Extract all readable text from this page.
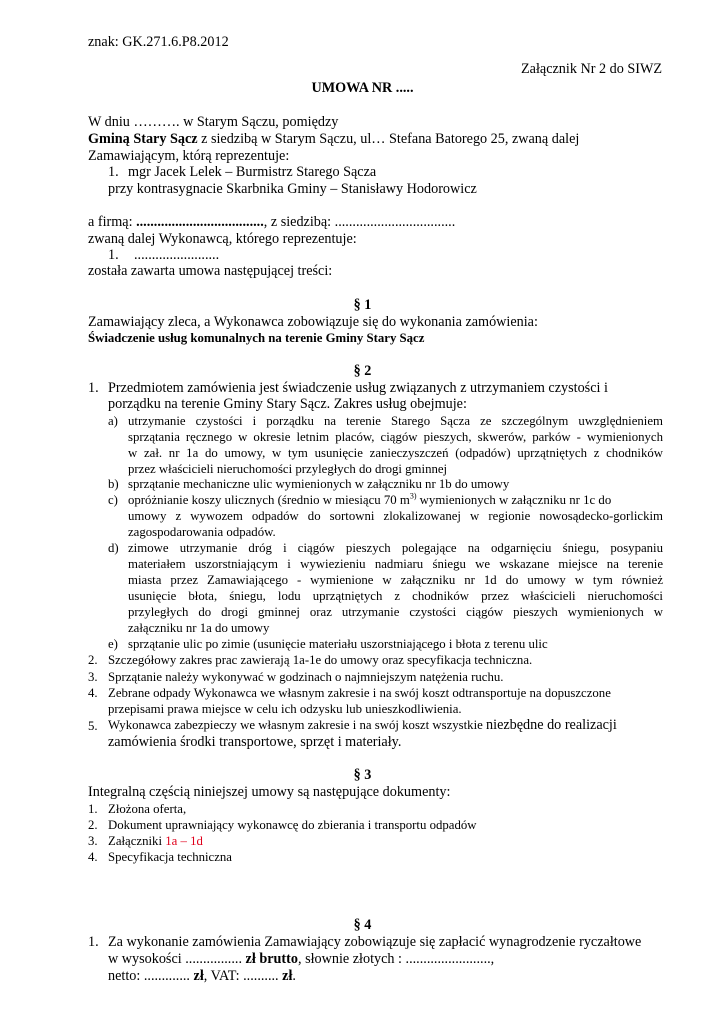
znak: GK.271.6.P8.2012
Załącznik Nr 2 do SIWZ
UMOWA NR .....
W dniu ………. w Starym Sączu, pomiędzy
Gminą Stary Sącz z siedzibą w Starym Sączu, ul… Stefana Batorego 25, zwaną dalej
Zamawiającym, którą reprezentuje:
1. mgr Jacek Lelek – Burmistrz Starego Sącza
przy kontrasygnacie Skarbnika Gminy – Stanisławy Hodorowicz
a firmą: ...................................., z siedzibą: ..................................
zwaną dalej Wykonawcą, którego reprezentuje:
1. ........................
została zawarta umowa następującej treści:
§ 1
Zamawiający zleca, a Wykonawca zobowiązuje się do wykonania zamówienia:
Świadczenie usług komunalnych na terenie Gminy Stary Sącz
§ 2
1. Przedmiotem zamówienia jest świadczenie usług związanych z utrzymaniem czystości i
porządku na terenie Gminy Stary Sącz. Zakres usług obejmuje:
a) utrzymanie czystości i porządku na terenie Starego Sącza ze szczególnym uwzględnieniem
sprzątania ręcznego w okresie letnim placów, ciągów pieszych, skwerów, parków - wymienionych
w zał. nr 1a do umowy, w tym usunięcie zanieczyszczeń (odpadów) uprzątniętych z chodników
przez właścicieli nieruchomości przyległych do drogi gminnej
b) sprzątanie mechaniczne ulic wymienionych w załączniku nr 1b do umowy
c) opróżnianie koszy ulicznych (średnio w miesiącu 70 $m^{3)}$ wymienionych w załączniku nr 1c do
umowy z wywozem odpadów do sortowni zlokalizowanej w regionie nowosądecko-gorlickim
zagospodarowania odpadów.
d) zimowe utrzymanie dróg i ciągów pieszych polegające na odgarnięciu śniegu, posypaniu
materiałem uszorstniającym i wywiezieniu nadmiaru śniegu we wskazane miejsce na terenie
miasta przez Zamawiającego - wymienione w załączniku nr 1d do umowy w tym również
usunięcie błota, śniegu, lodu uprzątniętych z chodników przez właścicieli nieruchomości
przyległych do drogi gminnej oraz utrzymanie czystości ciągów pieszych wymienionych w
załączniku nr 1a do umowy
e) sprzątanie ulic po zimie (usunięcie materiału uszorstniającego i błota z terenu ulic
2. Szczegółowy zakres prac zawierają 1a-1e do umowy oraz specyfikacja techniczna.
3. Sprzątanie należy wykonywać w godzinach o najmniejszym natężenia ruchu.
4. Zebrane odpady Wykonawca we własnym zakresie i na swój koszt odtransportuje na dopuszczone
przepisami prawa miejsce w celu ich odzysku lub unieszkodliwienia.
5. Wykonawca zabezpieczy we własnym zakresie i na swój koszt wszystkie niezbędne do realizacji
zamówienia środki transportowe, sprzęt i materiały.
§ 3
Integralną częścią niniejszej umowy są następujące dokumenty:
1. Złożona oferta,
2. Dokument uprawniający wykonawcę do zbierania i transportu odpadów
3. Załączniki 1a – 1d
4. Specyfikacja techniczna
§ 4
1. Za wykonanie zamówienia Zamawiający zobowiązuje się zapłacić wynagrodzenie ryczałtowe
w wysokości ................ zł brutto, słownie złotych : ........................,
netto: ............. zł, VAT: .......... zł.
